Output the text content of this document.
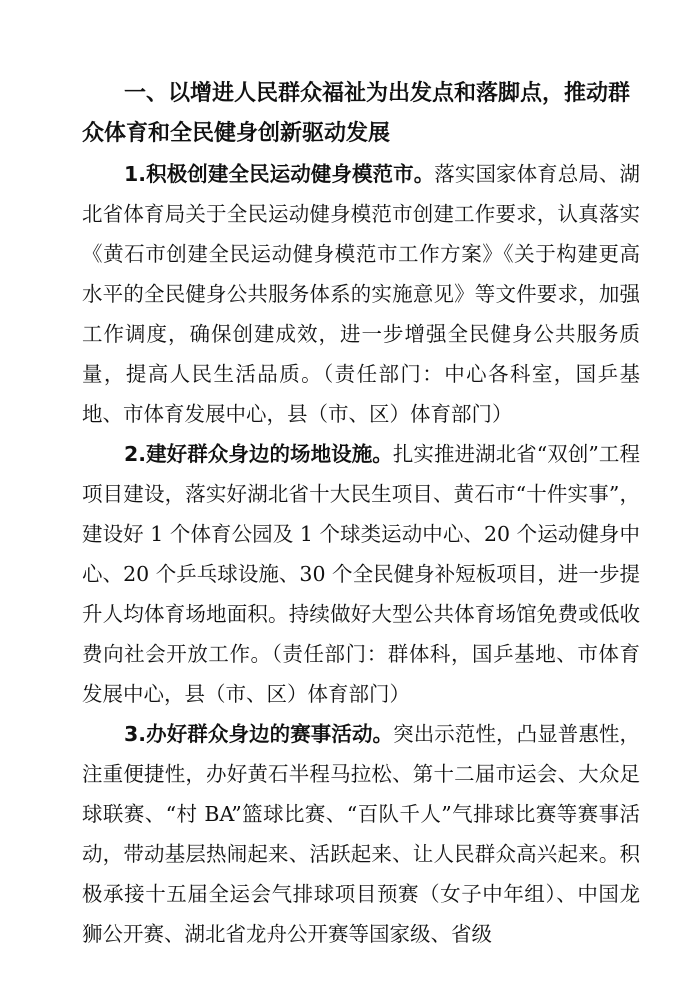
一、以增进人民群众福祉为出发点和落脚点，推动群众体育和全民健身创新驱动发展

1.积极创建全民运动健身模范市。落实国家体育总局、湖北省体育局关于全民运动健身模范市创建工作要求，认真落实《黄石市创建全民运动健身模范市工作方案》《关于构建更高水平的全民健身公共服务体系的实施意见》等文件要求，加强工作调度，确保创建成效，进一步增强全民健身公共服务质量，提高人民生活品质。（责任部门：中心各科室，国乒基地、市体育发展中心，县（市、区）体育部门）

2.建好群众身边的场地设施。扎实推进湖北省“双创”工程项目建设，落实好湖北省十大民生项目、黄石市“十件实事”，建设好 1 个体育公园及 1 个球类运动中心、20 个运动健身中心、20 个乒乓球设施、30 个全民健身补短板项目，进一步提升人均体育场地面积。持续做好大型公共体育场馆免费或低收费向社会开放工作。（责任部门：群体科，国乒基地、市体育发展中心，县（市、区）体育部门）

3.办好群众身边的赛事活动。突出示范性，凸显普惠性，注重便捷性，办好黄石半程马拉松、第十二届市运会、大众足球联赛、“村 BA”篮球比赛、“百队千人”气排球比赛等赛事活动，带动基层热闹起来、活跃起来、让人民群众高兴起来。积极承接十五届全运会气排球项目预赛（女子中年组）、中国龙狮公开赛、湖北省龙舟公开赛等国家级、省级
